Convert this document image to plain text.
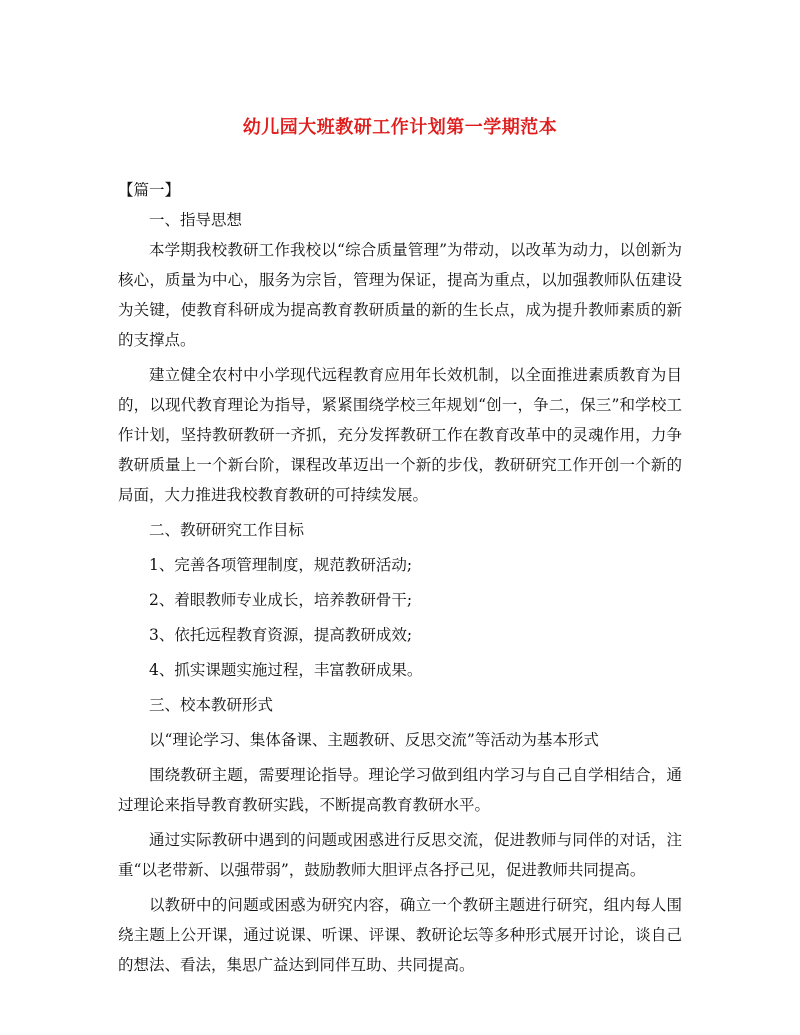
幼儿园大班教研工作计划第一学期范本

【篇一】

一、指导思想

本学期我校教研工作我校以“综合质量管理”为带动，以改革为动力，以创新为核心，质量为中心，服务为宗旨，管理为保证，提高为重点，以加强教师队伍建设为关键，使教育科研成为提高教育教研质量的新的生长点，成为提升教师素质的新的支撑点。

建立健全农村中小学现代远程教育应用年长效机制，以全面推进素质教育为目的，以现代教育理论为指导，紧紧围绕学校三年规划“创一，争二，保三”和学校工作计划，坚持教研教研一齐抓，充分发挥教研工作在教育改革中的灵魂作用，力争教研质量上一个新台阶，课程改革迈出一个新的步伐，教研研究工作开创一个新的局面，大力推进我校教育教研的可持续发展。

二、教研研究工作目标

1、完善各项管理制度，规范教研活动;

2、着眼教师专业成长，培养教研骨干;

3、依托远程教育资源，提高教研成效;

4、抓实课题实施过程，丰富教研成果。

三、校本教研形式

以“理论学习、集体备课、主题教研、反思交流”等活动为基本形式

围绕教研主题，需要理论指导。理论学习做到组内学习与自己自学相结合，通过理论来指导教育教研实践，不断提高教育教研水平。

通过实际教研中遇到的问题或困惑进行反思交流，促进教师与同伴的对话，注重“以老带新、以强带弱”，鼓励教师大胆评点各抒己见，促进教师共同提高。

以教研中的问题或困惑为研究内容，确立一个教研主题进行研究，组内每人围绕主题上公开课，通过说课、听课、评课、教研论坛等多种形式展开讨论，谈自己的想法、看法，集思广益达到同伴互助、共同提高。
